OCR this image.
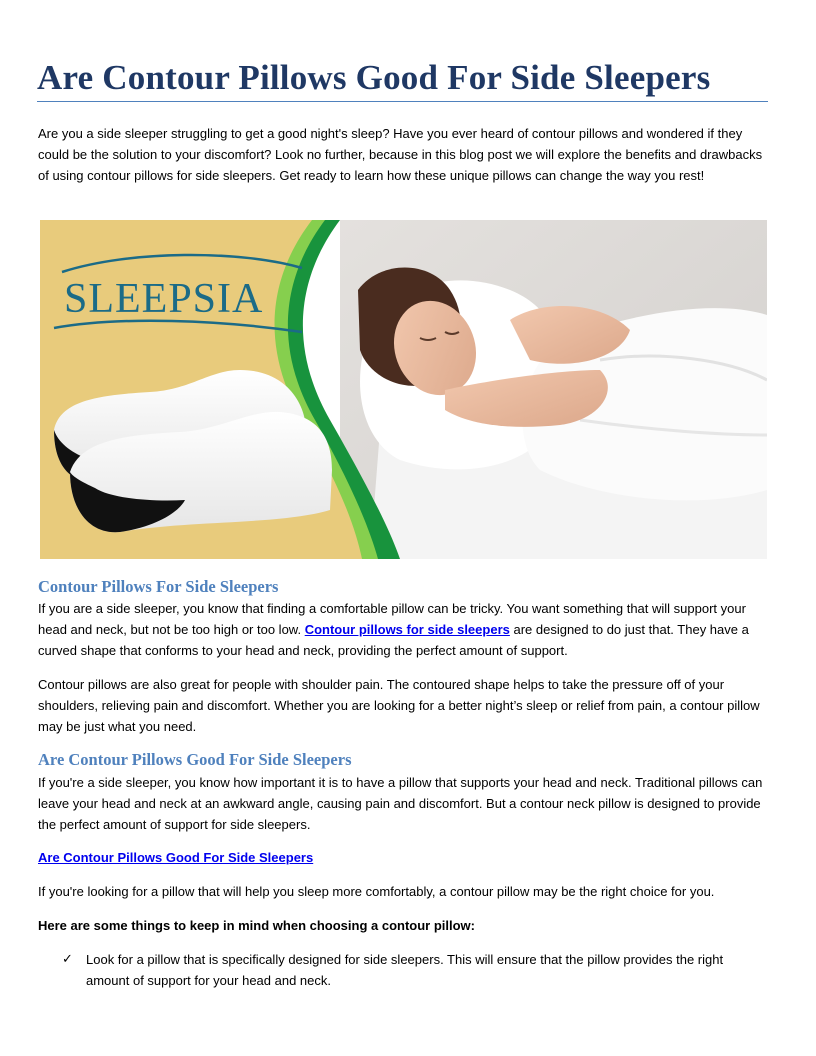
Are Contour Pillows Good For Side Sleepers

Are you a side sleeper struggling to get a good night's sleep? Have you ever heard of contour pillows and wondered if they could be the solution to your discomfort? Look no further, because in this blog post we will explore the benefits and drawbacks of using contour pillows for side sleepers. Get ready to learn how these unique pillows can change the way you rest!

SLEEPSIA
Contour Pillows For Side Sleepers

If you are a side sleeper, you know that finding a comfortable pillow can be tricky. You want something that will support your head and neck, but not be too high or too low. Contour pillows for side sleepers are designed to do just that. They have a curved shape that conforms to your head and neck, providing the perfect amount of support.

Contour pillows are also great for people with shoulder pain. The contoured shape helps to take the pressure off of your shoulders, relieving pain and discomfort. Whether you are looking for a better night’s sleep or relief from pain, a contour pillow may be just what you need.

Are Contour Pillows Good For Side Sleepers

If you're a side sleeper, you know how important it is to have a pillow that supports your head and neck. Traditional pillows can leave your head and neck at an awkward angle, causing pain and discomfort. But a contour neck pillow is designed to provide the perfect amount of support for side sleepers.

Are Contour Pillows Good For Side Sleepers

If you're looking for a pillow that will help you sleep more comfortably, a contour pillow may be the right choice for you.

Here are some things to keep in mind when choosing a contour pillow:

✓ Look for a pillow that is specifically designed for side sleepers. This will ensure that the pillow provides the right amount of support for your head and neck.
